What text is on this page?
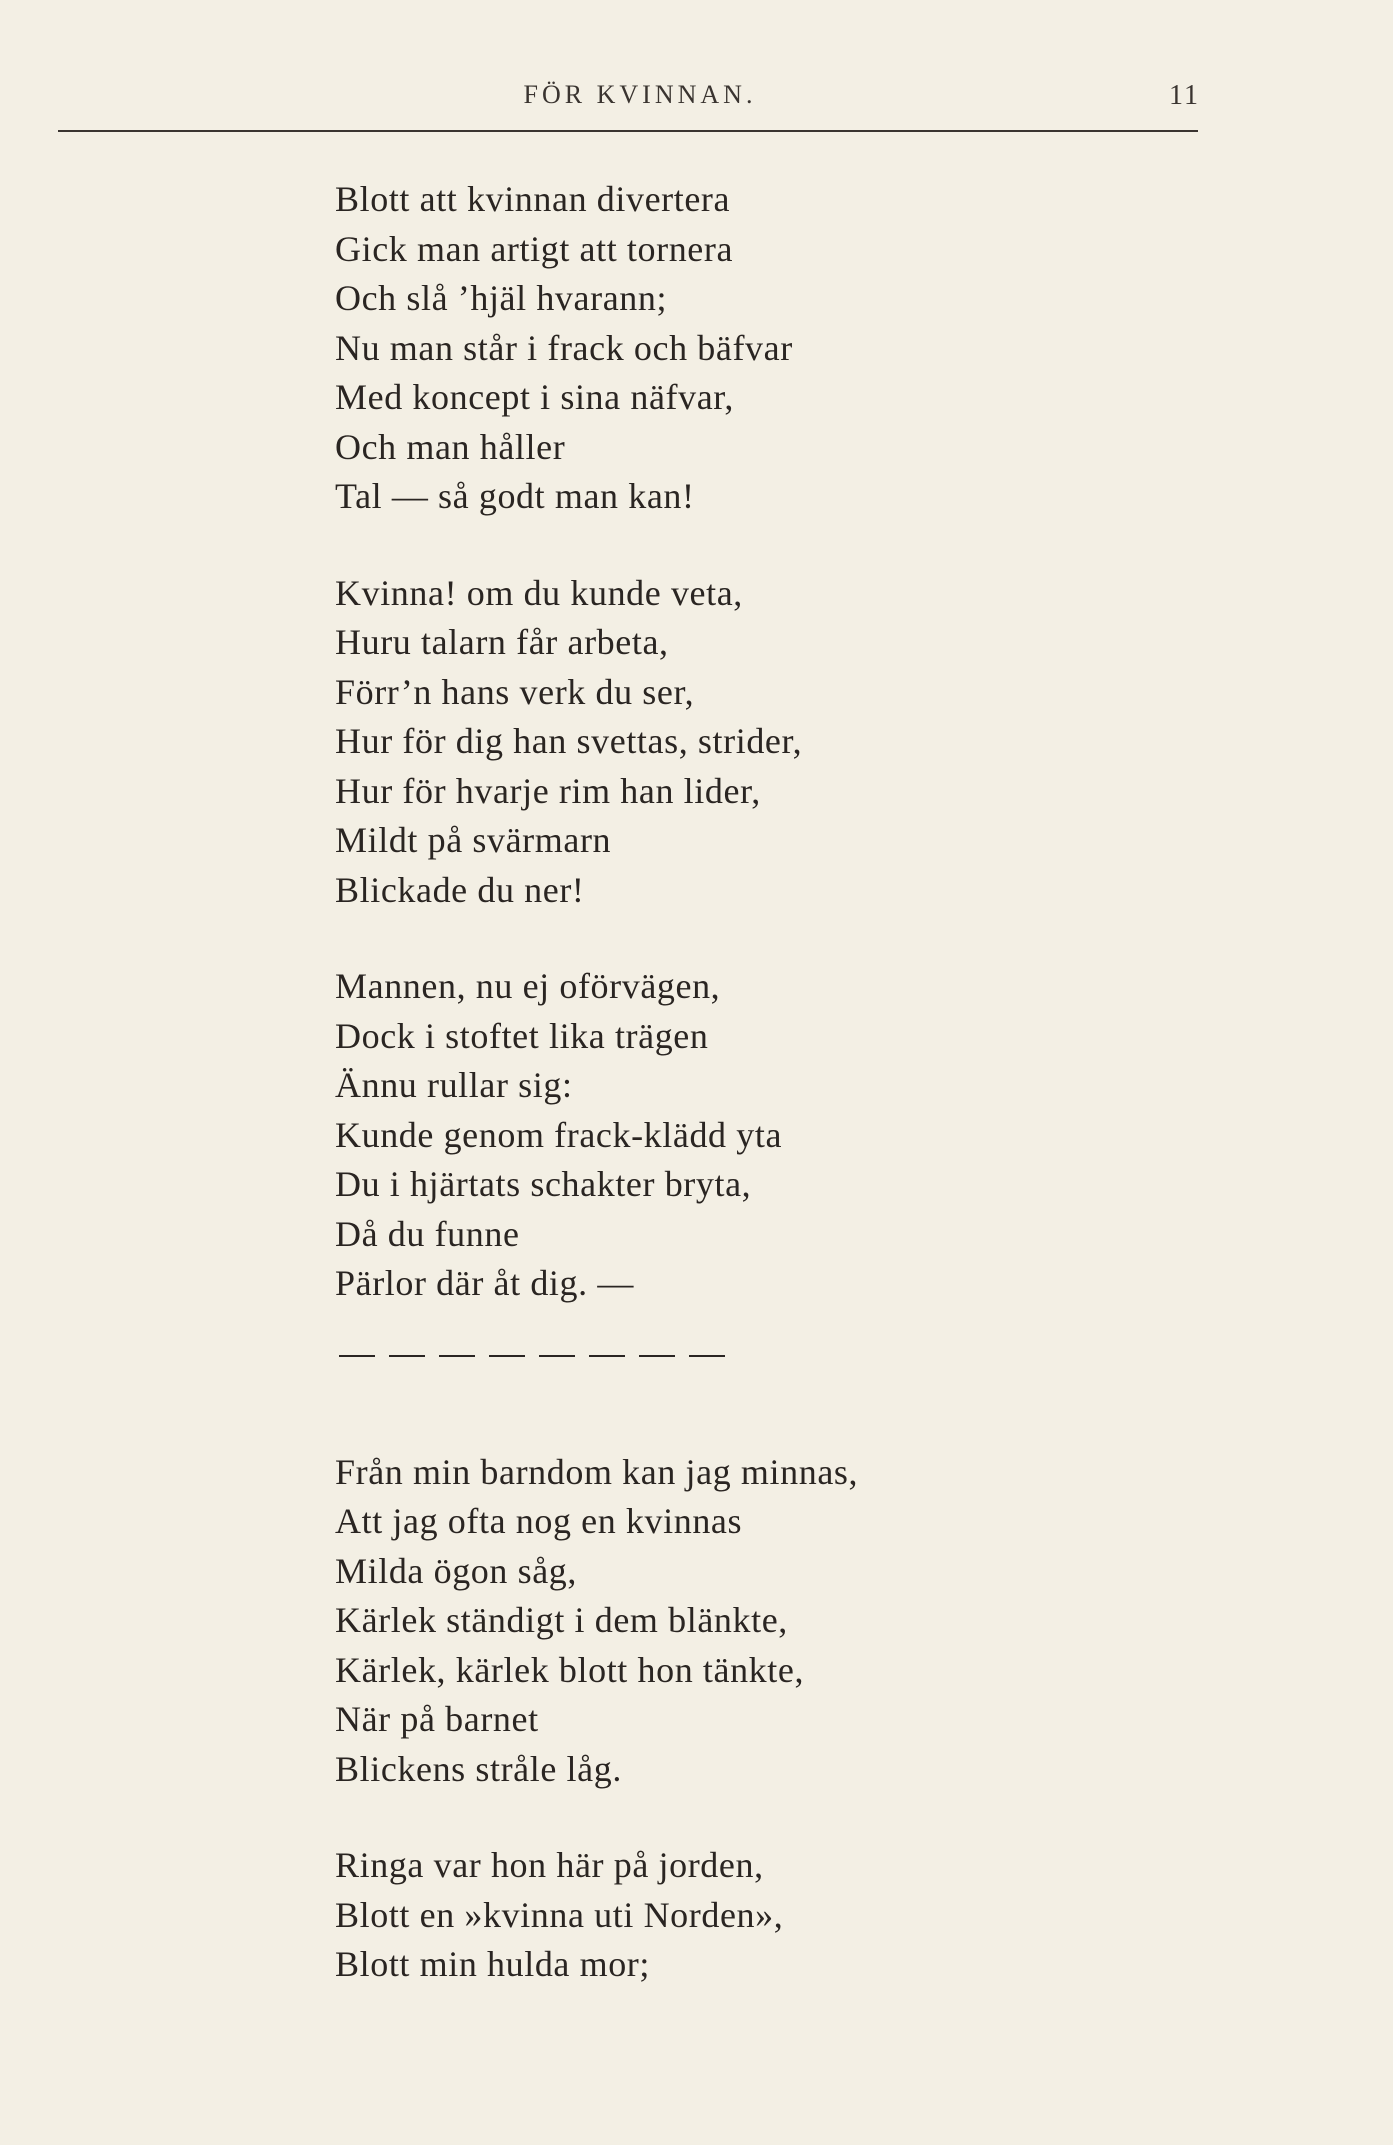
FÖR KVINNAN.	11
Blott att kvinnan divertera
Gick man artigt att tornera
Och slå ’hjäl hvarann;
Nu man står i frack och bäfvar
Med koncept i sina näfvar,
Och man håller
Tal — så godt man kan!
Kvinna! om du kunde veta,
Huru talarn får arbeta,
Förr’n hans verk du ser,
Hur för dig han svettas, strider,
Hur för hvarje rim han lider,
Mildt på svärmarn
Blickade du ner!
Mannen, nu ej oförvägen,
Dock i stoftet lika trägen
Ännu rullar sig:
Kunde genom frack-klädd yta
Du i hjärtats schakter bryta,
Då du funne
Pärlor där åt dig. —
Från min barndom kan jag minnas,
Att jag ofta nog en kvinnas
Milda ögon såg,
Kärlek ständigt i dem blänkte,
Kärlek, kärlek blott hon tänkte,
När på barnet
Blickens stråle låg.
Ringa var hon här på jorden,
Blott en »kvinna uti Norden»,
Blott min hulda mor;
